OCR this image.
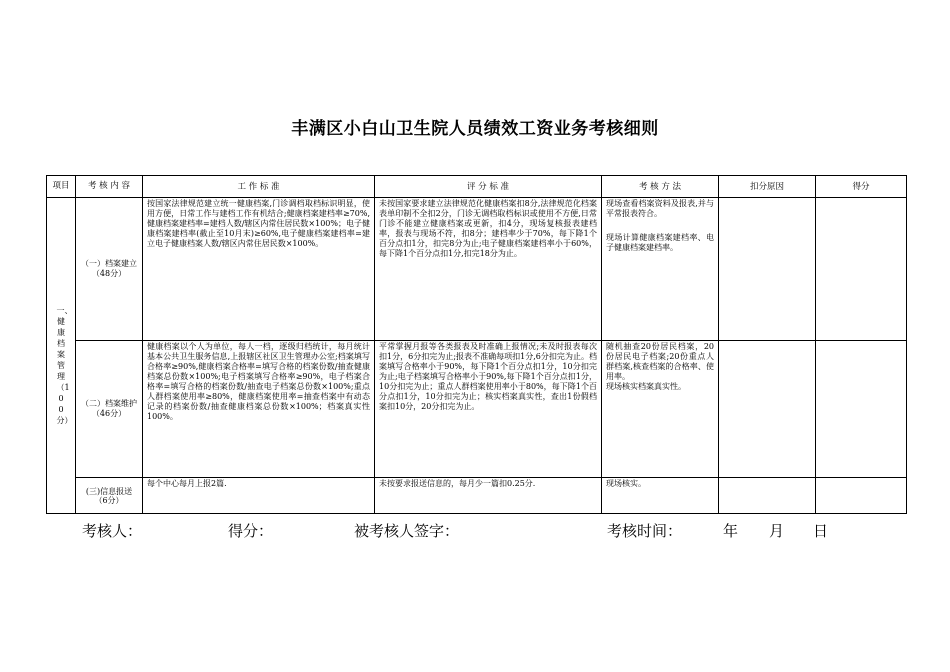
丰满区小白山卫生院人员绩效工资业务考核细则
项目	考 核 内 容	工 作 标 准	评 分 标 准	考 核 方 法	扣分原因	得分
一、健康档案管理（100分）	（一）档案建立（48分）	按国家法律规范建立统一健康档案,门诊调档取档标识明显，使用方便，日常工作与建档工作有机结合;健康档案建档率≥70%,健康档案建档率=建档人数/辖区内常住居民数×100%；电子健康档案建档率(截止至10月末)≥60%,电子健康档案建档率=建立电子健康档案人数/辖区内常住居民数×100%。	未按国家要求建立法律规范化健康档案扣8分,法律规范化档案表单印制不全扣2分，门诊无调档取档标识或使用不方便,日常门诊不能建立健康档案或更新，扣4分，现场复核报表建档率，报表与现场不符，扣8分；建档率少于70%，每下降1个百分点扣1分，扣完8分为止;电子健康档案建档率小于60%，每下降1个百分点扣1分,扣完18分为止。	现场查看档案资料及报表,并与平常报表符合。

现场计算健康档案建档率、电子健康档案建档率。		

	（二）档案维护（46分）	健康档案以个人为单位，每人一档，逐级归档统计，每月统计基本公共卫生服务信息,上报辖区社区卫生管理办公室;档案填写合格率≥90%,健康档案合格率=填写合格的档案份数/抽查健康档案总份数×100%;电子档案填写合格率≥90%，电子档案合格率=填写合格的档案份数/抽查电子档案总份数×100%;重点人群档案使用率≥80%，健康档案使用率=抽查档案中有动态记录的档案份数/抽查健康档案总份数×100%；档案真实性100%。	平常掌握月报等各类报表及时准确上报情况;未及时报表每次扣1分，6分扣完为止;报表不准确每项扣1分,6分扣完为止。档案填写合格率小于90%，每下降1个百分点扣1分，10分扣完为止;电子档案填写合格率小于90%,每下降1个百分点扣1分，10分扣完为止；重点人群档案使用率小于80%，每下降1个百分点扣1分，10分扣完为止；核实档案真实性，查出1份假档案扣10分，20分扣完为止。	随机抽查20份居民档案，20份居民电子档案;20份重点人群档案,核查档案的合格率、使用率。

现场核实档案真实性。		

	(三)信息报送（6分）	每个中心每月上报2篇.	未按要求报送信息的，每月少一篇扣0.25分.	现场核实。		

考核人：	得分：	被考核人签字：	考核时间：	年 月 日
